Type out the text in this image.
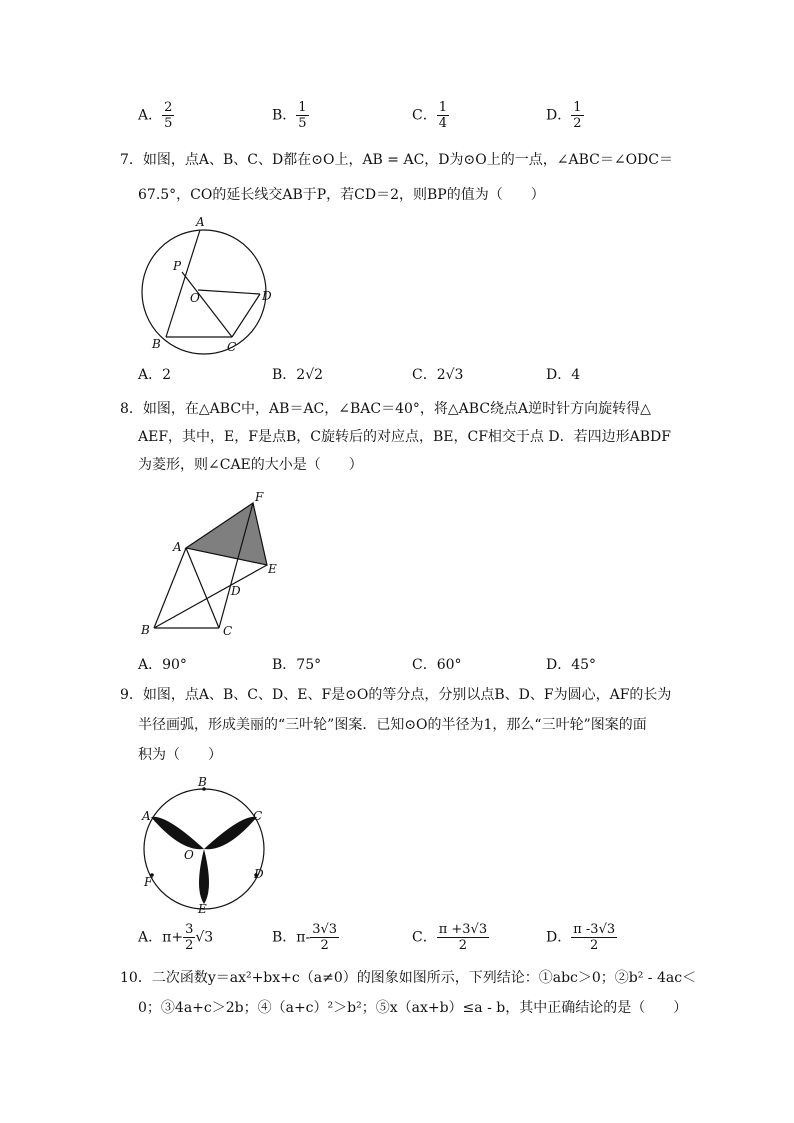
A． $\frac{2}{5}$	B． $\frac{1}{5}$	C． $\frac{1}{4}$	D． $\frac{1}{2}$
7．如图，点A、B、C、D都在⊙O上，AB = AC，D为⊙O上的一点，∠ABC＝∠ODC＝
67.5°，CO的延长线交AB于P，若CD＝2，则BP的值为（　　）
A
P
O	D
B	C
A．2	B．2√2	C．2√3	D．4
8．如图，在△ABC中，AB＝AC，∠BAC＝40°，将△ABC绕点A逆时针方向旋转得△
AEF，其中，E，F是点B，C旋转后的对应点，BE，CF相交于点 D．若四边形ABDF
为菱形，则∠CAE的大小是（　　）
A
F
E
D
B	C
A．90°	B．75°	C．60°	D．45°
9．如图，点A、B、C、D、E、F是⊙O的等分点，分别以点B、D、F为圆心，AF的长为
半径画弧，形成美丽的“三叶轮”图案．已知⊙O的半径为1，那么“三叶轮”图案的面
积为（　　）
B
A	C
O
D
F
E
A．$\pi+ \frac{3}{2} √3$	B．$\pi- \frac{3√3}{2}$	C． $\frac{\pi +3√3}{2}$	D． $\frac{\pi -3√3}{2}$
10．二次函数y＝ax²+bx+c（a≠0）的图象如图所示，下列结论：①abc＞0；②b² - 4ac＜
0；③4a+c＞2b；④（a+c）²＞b²；⑤x（ax+b）≤a - b，其中正确结论的是（　　）
